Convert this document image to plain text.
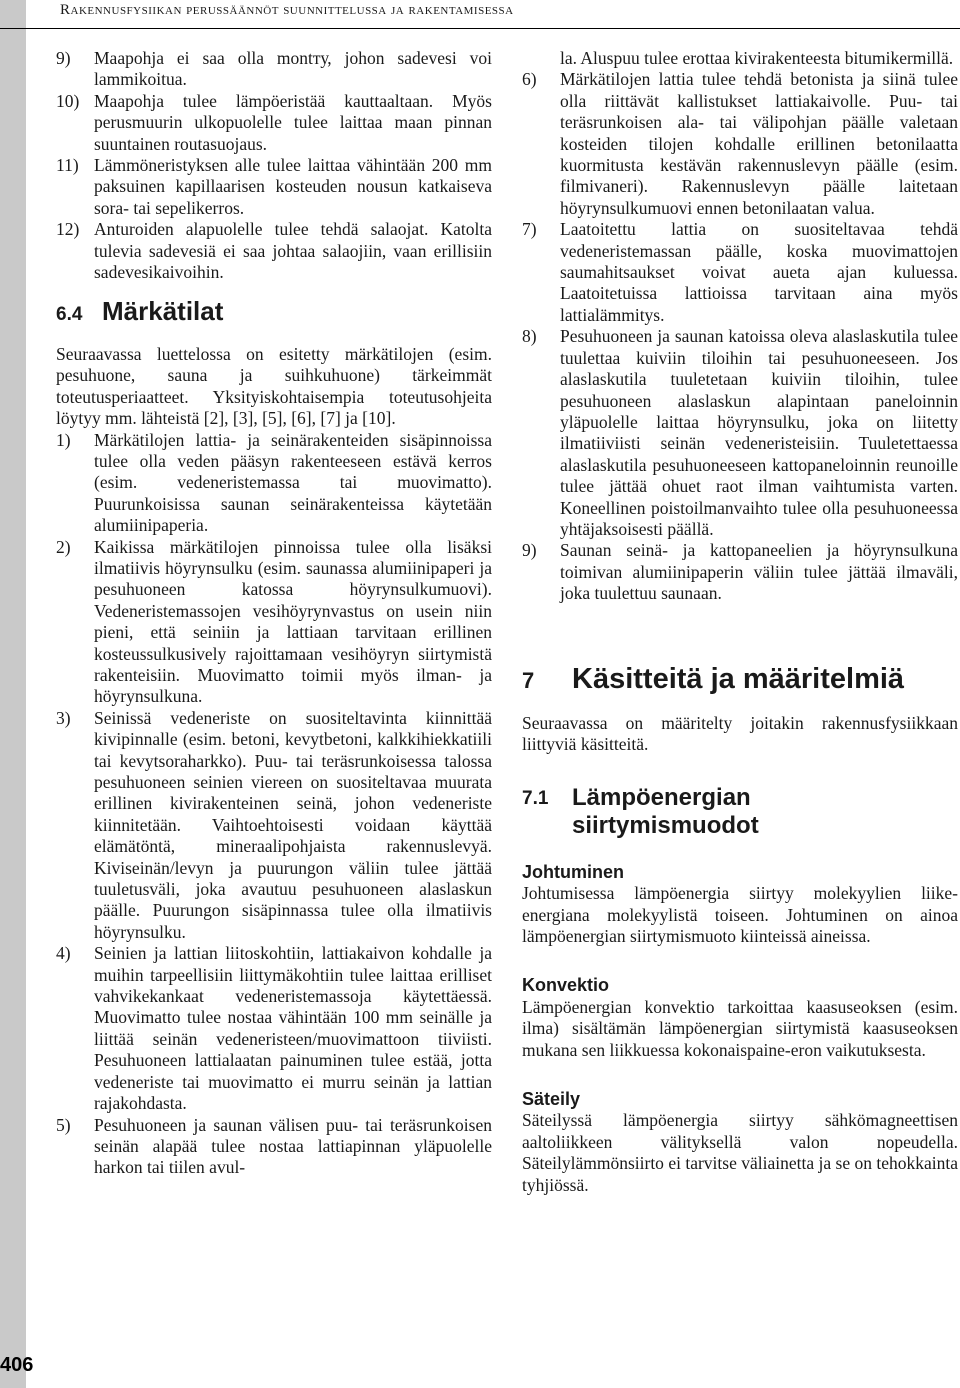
Rakennusfysiikan perussäännöt suunnittelussa ja rakentamisessa
406

9) Maapohja ei saa olla montту, johon sadevesi voi lammikoitua.

10) Maapohja tulee lämpöeristää kauttaaltaan. Myös perusmuurin ulkopuolelle tulee laittaa maan pinnan suuntainen routasuojaus.

11) Lämmöneristyksen alle tulee laittaa vähintään 200 mm paksuinen kapillaarisen kosteuden nousun katkaiseva sora- tai sepelikerros.

12) Anturoiden alapuolelle tulee tehdä salaojat. Katolta tulevia sadevesiä ei saa johtaa salaojiin, vaan erillisiin sadevesikaivoihin.

6.4 Märkätilat

Seuraavassa luettelossa on esitetty märkätilojen (esim. pesuhuone, sauna ja suihkuhuone) tärkeimmät toteutusperiaatteet. Yksityiskohtaisempia toteutusohjeita löytyy mm. lähteistä [2], [3], [5], [6], [7] ja [10].

1) Märkätilojen lattia- ja seinärakenteiden sisäpinnoissa tulee olla veden pääsyn rakenteeseen estävä kerros (esim. vedeneristemassa tai muovimatto). Puurunkoisissa saunan seinärakenteissa käytetään alumiinipaperia.

2) Kaikissa märkätilojen pinnoissa tulee olla lisäksi ilmatiivis höyrynsulku (esim. saunassa alumiinipaperi ja pesuhuoneen katossa höyrynsulkumuovi). Vedeneristemassojen vesihöyrynvastus on usein niin pieni, että seiniin ja lattiaan tarvitaan erillinen kosteussulkusively rajoittamaan vesihöyryn siirtymistä rakenteisiin. Muovimatto toimii myös ilman- ja höyrynsulkuna.

3) Seinissä vedeneriste on suositeltavinta kiinnittää kivipinnalle (esim. betoni, kevytbetoni, kalkkihiekkatiili tai kevytsoraharkko). Puu- tai teräsrunkoisessa talossa pesuhuoneen seinien viereen on suositeltavaa muurata erillinen kivirakenteinen seinä, johon vedeneriste kiinnitetään. Vaihtoehtoisesti voidaan käyttää elämätöntä, mineraalipohjaista rakennuslevyä. Kiviseinän/levyn ja puurungon väliin tulee jättää tuuletusväli, joka avautuu pesuhuoneen alaslaskun päälle. Puurungon sisäpinnassa tulee olla ilmatiivis höyrynsulku.

4) Seinien ja lattian liitoskohtiin, lattiakaivon kohdalle ja muihin tarpeellisiin liittymäkohtiin tulee laittaa erilliset vahvikekankaat vedeneristemassoja käytettäessä. Muovimatto tulee nostaa vähintään 100 mm seinälle ja liittää seinän vedeneristeen/muovimattoon tiiviisti. Pesuhuoneen lattialaatan painuminen tulee estää, jotta vedeneriste tai muovimatto ei murru seinän ja lattian rajakohdasta.

5) Pesuhuoneen ja saunan välisen puu- tai teräsrunkoisen seinän alapää tulee nostaa lattiapinnan yläpuolelle harkon tai tiilen avul-

la. Aluspuu tulee erottaa kivirakenteesta bitumikermillä.

6) Märkätilojen lattia tulee tehdä betonista ja siinä tulee olla riittävät kallistukset lattiakaivolle. Puu- tai teräsrunkoisen ala- tai välipohjan päälle valetaan kosteiden tilojen kohdalle erillinen betonilaatta kuormitusta kestävän rakennuslevyn päälle (esim. filmivaneri). Rakennuslevyn päälle laitetaan höyrynsulkumuovi ennen betonilaatan valua.

7) Laatoitettu lattia on suositeltavaa tehdä vedeneristemassan päälle, koska muovimattojen saumahitsaukset voivat aueta ajan kuluessa. Laatoitetuissa lattioissa tarvitaan aina myös lattialämmitys.

8) Pesuhuoneen ja saunan katoissa oleva alaslaskutila tulee tuulettaa kuiviin tiloihin tai pesuhuoneeseen. Jos alaslaskutila tuuletetaan kuiviin tiloihin, tulee pesuhuoneen alaslaskun alapintaan paneloinnin yläpuolelle laittaa höyrynsulku, joka on liitetty ilmatiiviisti seinän vedeneristeisiin. Tuuletettaessa alaslaskutila pesuhuoneeseen kattopaneloinnin reunoille tulee jättää ohuet raot ilman vaihtumista varten. Koneellinen poistoilmanvaihto tulee olla pesuhuoneessa yhtäjaksoisesti päällä.

9) Saunan seinä- ja kattopaneelien ja höyrynsulkuna toimivan alumiinipaperin väliin tulee jättää ilmaväli, joka tuulettuu saunaan.

7 Käsitteitä ja määritelmiä

Seuraavassa on määritelty joitakin rakennusfysiikkaan liittyviä käsitteitä.

7.1 Lämpöenergian siirtymismuodot
Johtuminen

Johtumisessa lämpöenergia siirtyy molekyylien liike-energiana molekyylistä toiseen. Johtuminen on ainoa lämpöenergian siirtymismuoto kiinteissä aineissa.

Konvektio

Lämpöenergian konvektio tarkoittaa kaasuseoksen (esim. ilma) sisältämän lämpöenergian siirtymistä kaasuseoksen mukana sen liikkuessa kokonaispaine-eron vaikutuksesta.

Säteily

Säteilyssä lämpöenergia siirtyy sähkömagneettisen aaltoliikkeen välityksellä valon nopeudella. Säteilylämmönsiirto ei tarvitse väliainetta ja se on tehokkainta tyhjiössä.
